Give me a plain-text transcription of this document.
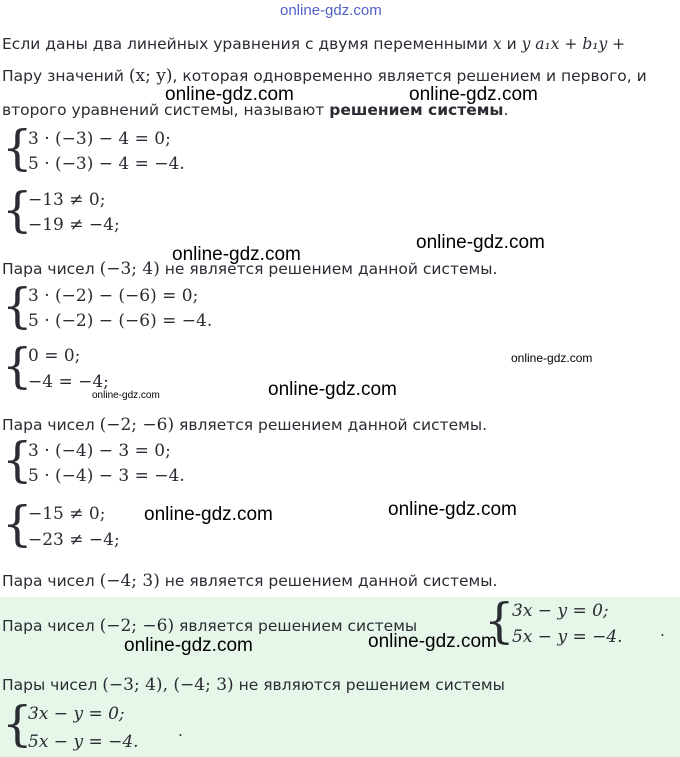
online-gdz.com
Если даны два линейных уравнения с двумя переменными x и y a₁x + b₁y +
Пару значений (x; y), которая одновременно является решением и первого, и
второго уравнений системы, называют решением системы.
{
3 · (−3) − 4 = 0;
5 · (−3) − 4 = −4.
{
−13 ≠ 0;
−19 ≠ −4;
Пара чисел (−3; 4) не является решением данной системы.
{
3 · (−2) − (−6) = 0;
5 · (−2) − (−6) = −4.
{
0 = 0;
−4 = −4;
Пара чисел (−2; −6) является решением данной системы.
{
3 · (−4) − 3 = 0;
5 · (−4) − 3 = −4.
{
−15 ≠ 0;
−23 ≠ −4;
Пара чисел (−4; 3) не является решением данной системы.
Пара чисел (−2; −6) является решением системы {
3x − y = 0;
5x − y = −4. .
Пары чисел (−3; 4), (−4; 3) не являются решением системы
{
3x − y = 0;
5x − y = −4.
.
online-gdz.com	online-gdz.com
online-gdz.com
online-gdz.com
online-gdz.com
online-gdz.com
online-gdz.com
online-gdz.com
online-gdz.com
online-gdz.com
online-gdz.com
